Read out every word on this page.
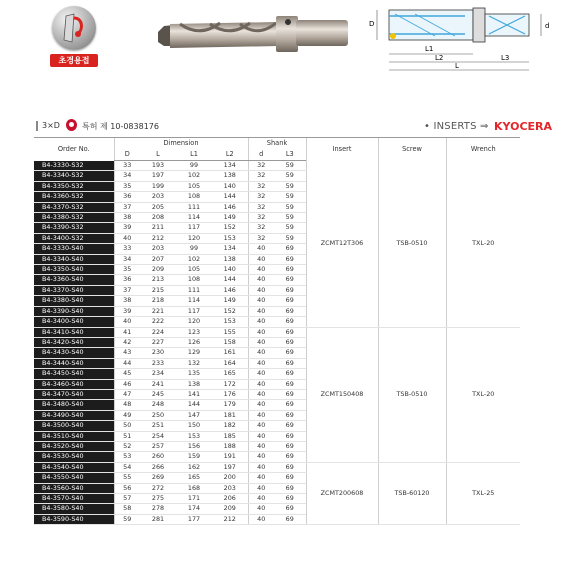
초경용접
D
L1
L2	L3
L
d
3×D	특허 제 10-0838176	• INSERTS ⇒ KYOCERA
Order No.	Dimension				Shank		Insert	Screw	Wrench
	D	L	L1	L2	d	L3			
B4-3330-S32	33	193	99	134	32	59	ZCMT12T306	TSB-0510	TXL-20
B4-3340-S32	34	197	102	138	32	59			
B4-3350-S32	35	199	105	140	32	59			
B4-3360-S32	36	203	108	144	32	59			
B4-3370-S32	37	205	111	146	32	59			
B4-3380-S32	38	208	114	149	32	59			
B4-3390-S32	39	211	117	152	32	59			
B4-3400-S32	40	212	120	153	32	59			
B4-3330-S40	33	203	99	134	40	69			
B4-3340-S40	34	207	102	138	40	69			
B4-3350-S40	35	209	105	140	40	69			
B4-3360-S40	36	213	108	144	40	69			
B4-3370-S40	37	215	111	146	40	69			
B4-3380-S40	38	218	114	149	40	69			
B4-3390-S40	39	221	117	152	40	69			
B4-3400-S40	40	222	120	153	40	69			
B4-3410-S40	41	224	123	155	40	69	ZCMT150408	TSB-0510	TXL-20
B4-3420-S40	42	227	126	158	40	69			
B4-3430-S40	43	230	129	161	40	69			
B4-3440-S40	44	233	132	164	40	69			
B4-3450-S40	45	234	135	165	40	69			
B4-3460-S40	46	241	138	172	40	69			
B4-3470-S40	47	245	141	176	40	69			
B4-3480-S40	48	248	144	179	40	69			
B4-3490-S40	49	250	147	181	40	69			
B4-3500-S40	50	251	150	182	40	69			
B4-3510-S40	51	254	153	185	40	69			
B4-3520-S40	52	257	156	188	40	69			
B4-3530-S40	53	260	159	191	40	69			
B4-3540-S40	54	266	162	197	40	69	ZCMT200608	TSB-60120	TXL-25
B4-3550-S40	55	269	165	200	40	69			
B4-3560-S40	56	272	168	203	40	69			
B4-3570-S40	57	275	171	206	40	69			
B4-3580-S40	58	278	174	209	40	69			
B4-3590-S40	59	281	177	212	40	69			
